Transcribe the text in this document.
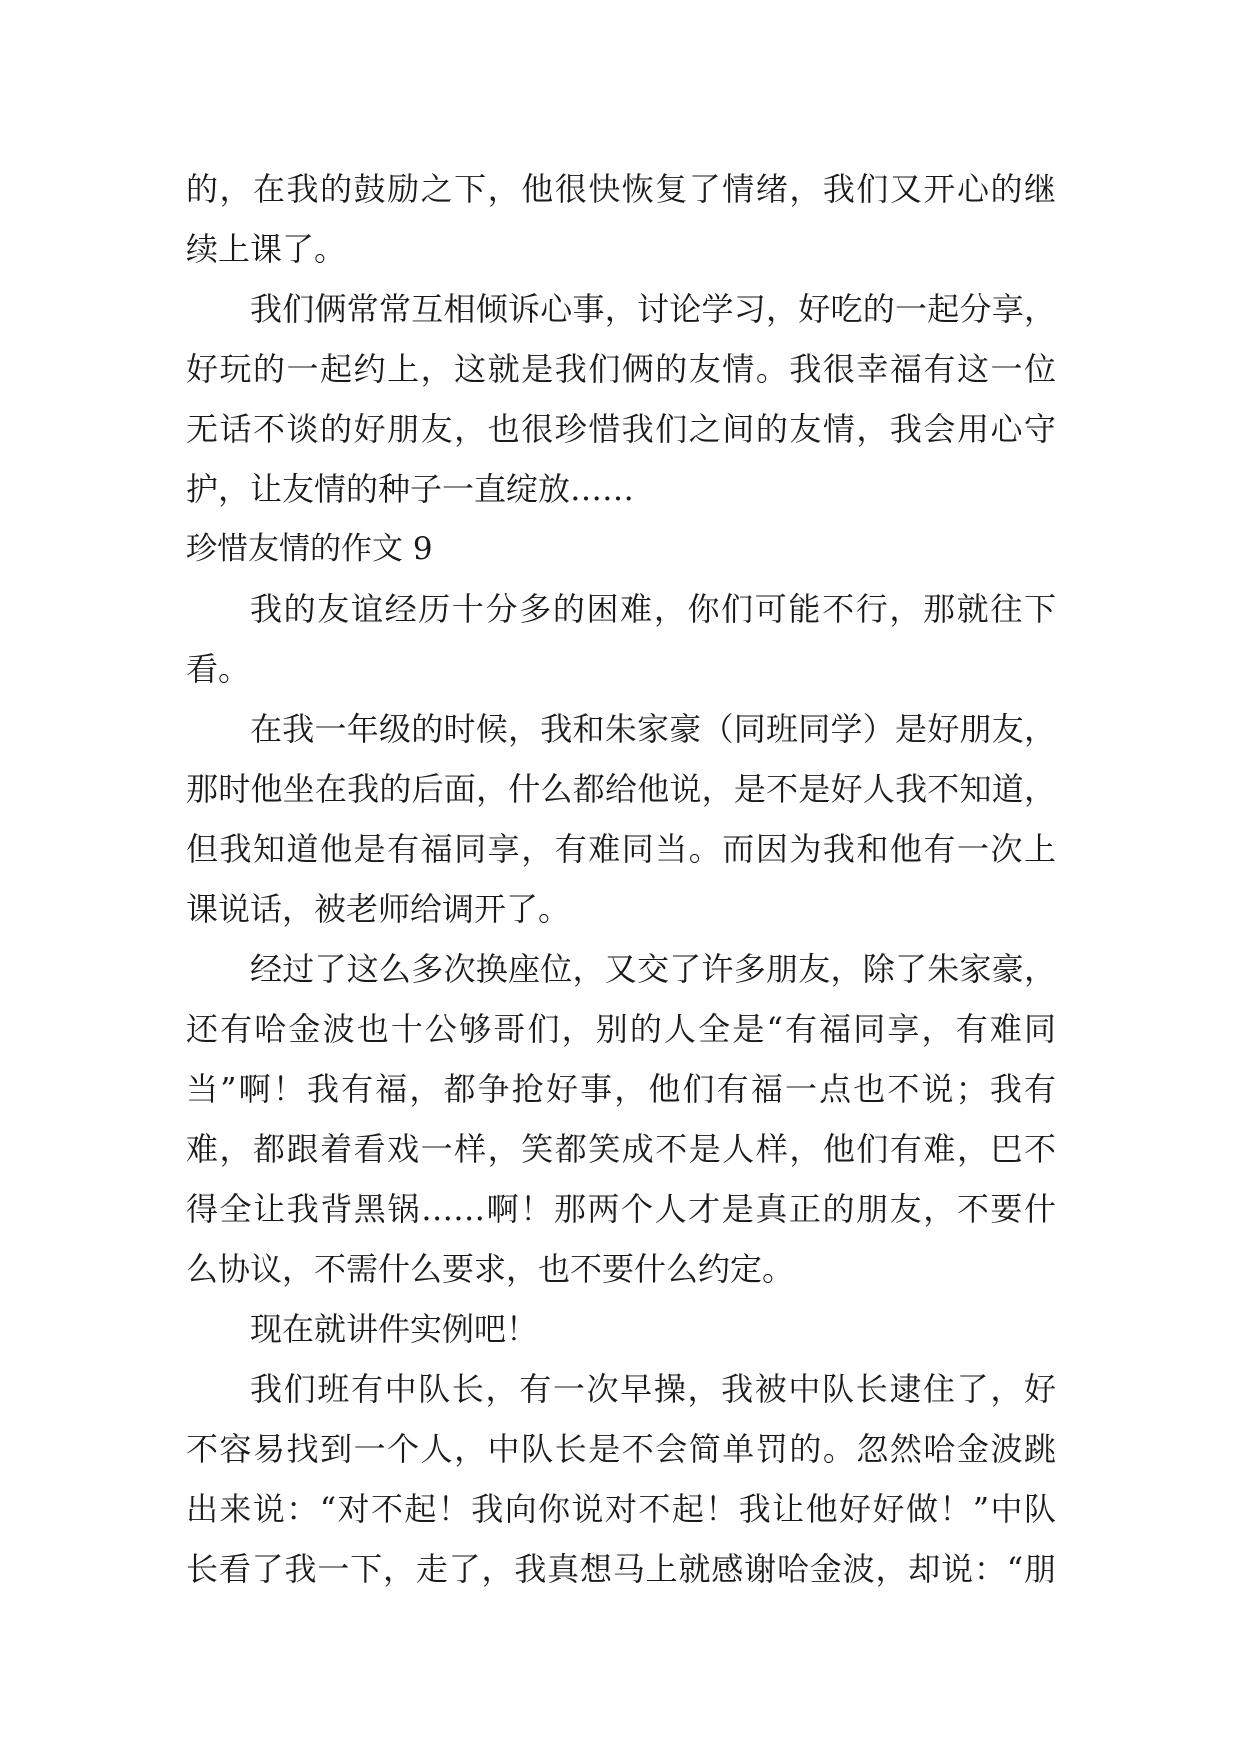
的，在我的鼓励之下，他很快恢复了情绪，我们又开心的继
续上课了。
我们俩常常互相倾诉心事，讨论学习，好吃的一起分享，
好玩的一起约上，这就是我们俩的友情。我很幸福有这一位
无话不谈的好朋友，也很珍惜我们之间的友情，我会用心守
护，让友情的种子一直绽放……
珍惜友情的作文 9
我的友谊经历十分多的困难，你们可能不行，那就往下
看。
在我一年级的时候，我和朱家豪（同班同学）是好朋友，
那时他坐在我的后面，什么都给他说，是不是好人我不知道，
但我知道他是有福同享，有难同当。而因为我和他有一次上
课说话，被老师给调开了。
经过了这么多次换座位，又交了许多朋友，除了朱家豪，
还有哈金波也十公够哥们，别的人全是“有福同享，有难同
当”啊！我有福，都争抢好事，他们有福一点也不说；我有
难，都跟着看戏一样，笑都笑成不是人样，他们有难，巴不
得全让我背黑锅……啊！那两个人才是真正的朋友，不要什
么协议，不需什么要求，也不要什么约定。
现在就讲件实例吧！
我们班有中队长，有一次早操，我被中队长逮住了，好
不容易找到一个人，中队长是不会简单罚的。忽然哈金波跳
出来说：“对不起！我向你说对不起！我让他好好做！”中队
长看了我一下，走了，我真想马上就感谢哈金波，却说：“朋
